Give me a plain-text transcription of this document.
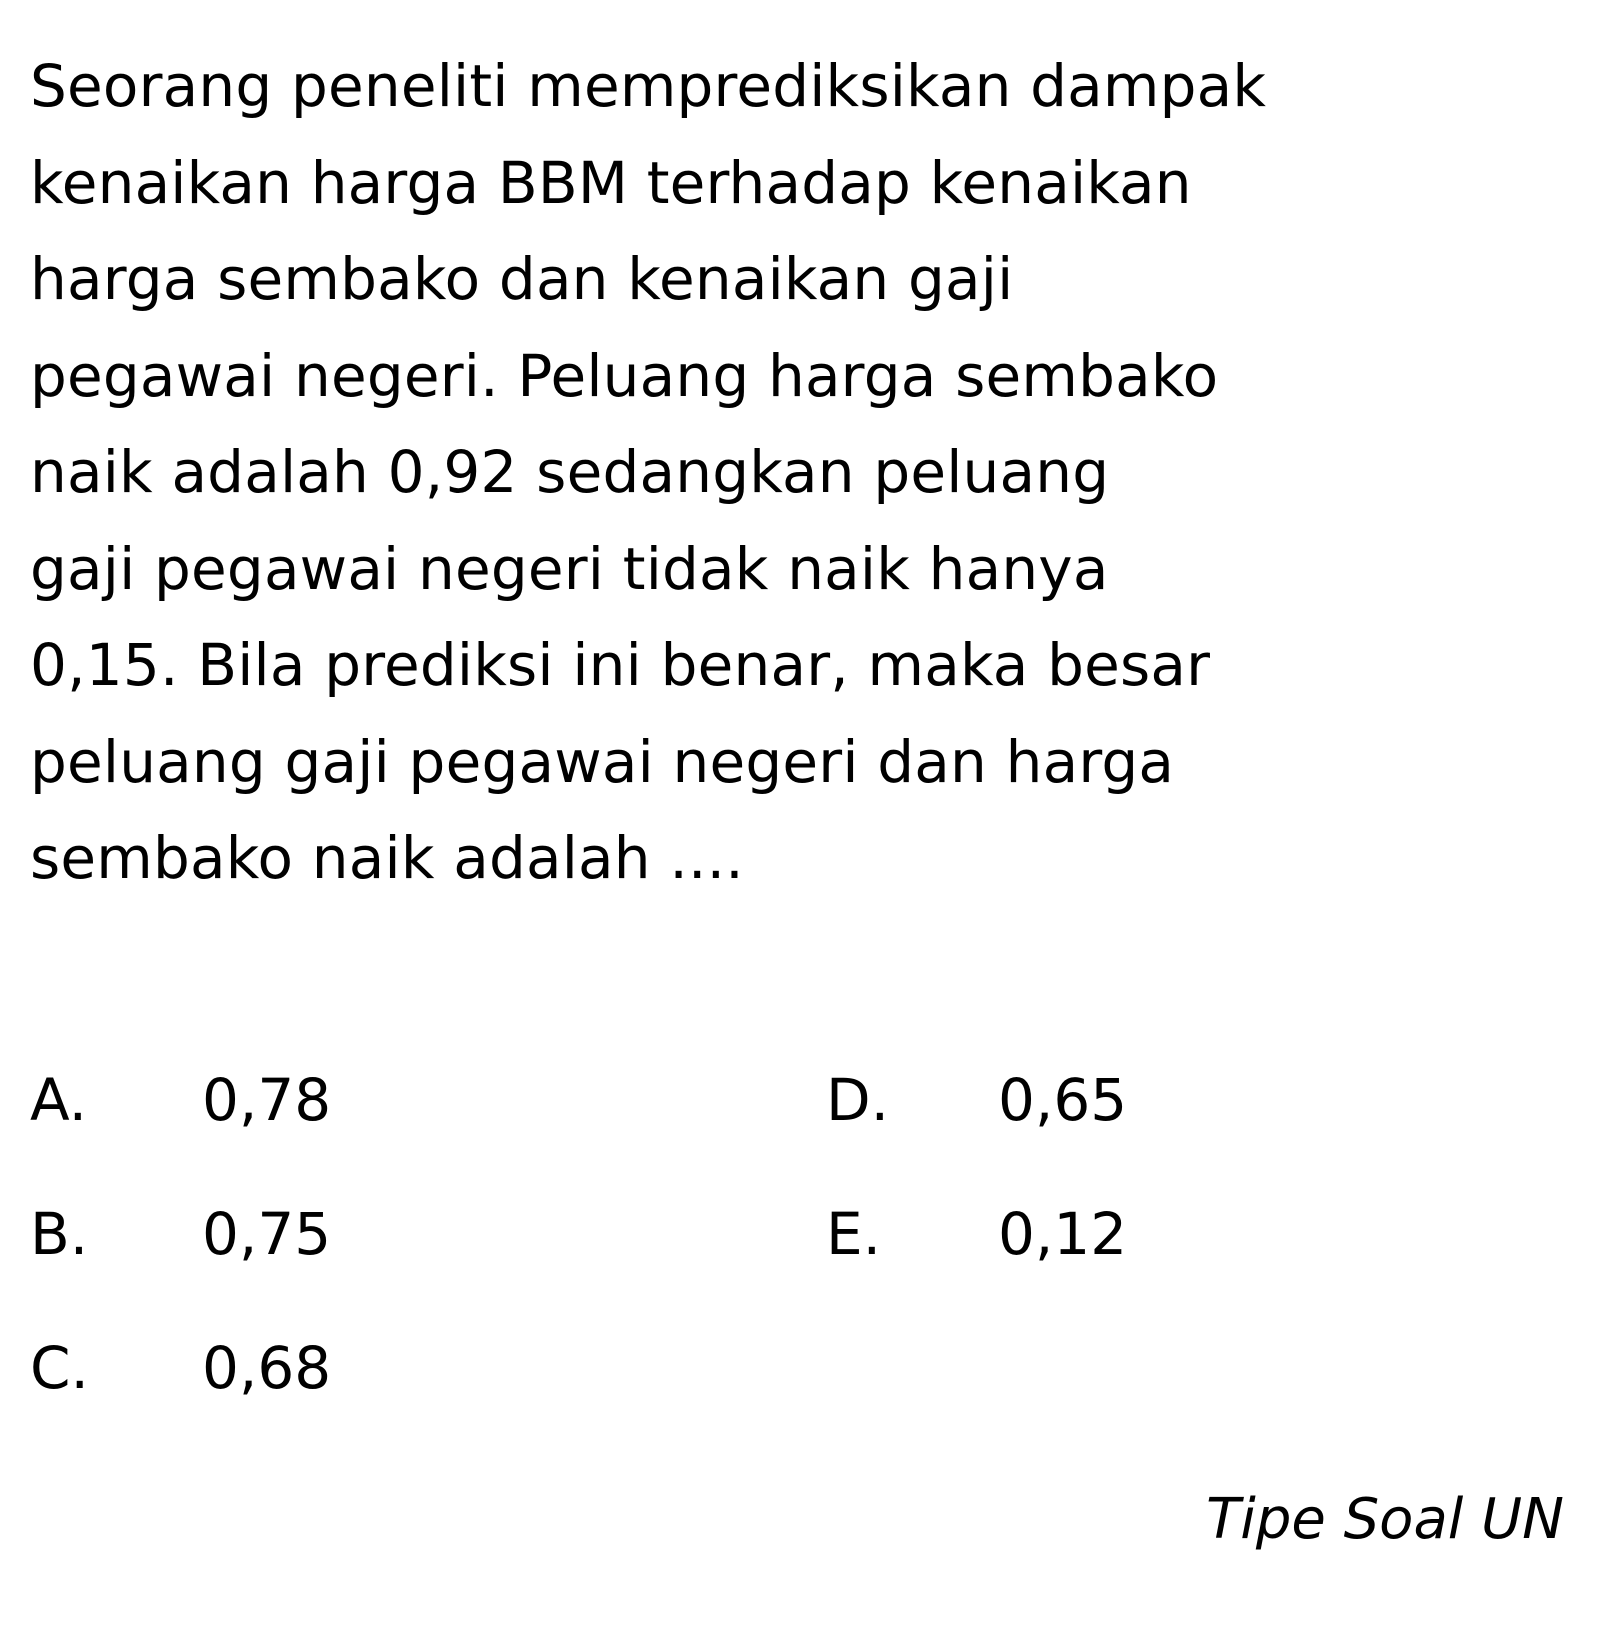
Seorang peneliti memprediksikan dampak
kenaikan harga BBM terhadap kenaikan
harga sembako dan kenaikan gaji
pegawai negeri. Peluang harga sembako
naik adalah 0,92 sedangkan peluang
gaji pegawai negeri tidak naik hanya
0,15. Bila prediksi ini benar, maka besar
peluang gaji pegawai negeri dan harga
sembako naik adalah ....
A. 0,78
B. 0,75
C. 0,68
D. 0,65
E. 0,12
Tipe Soal UN
